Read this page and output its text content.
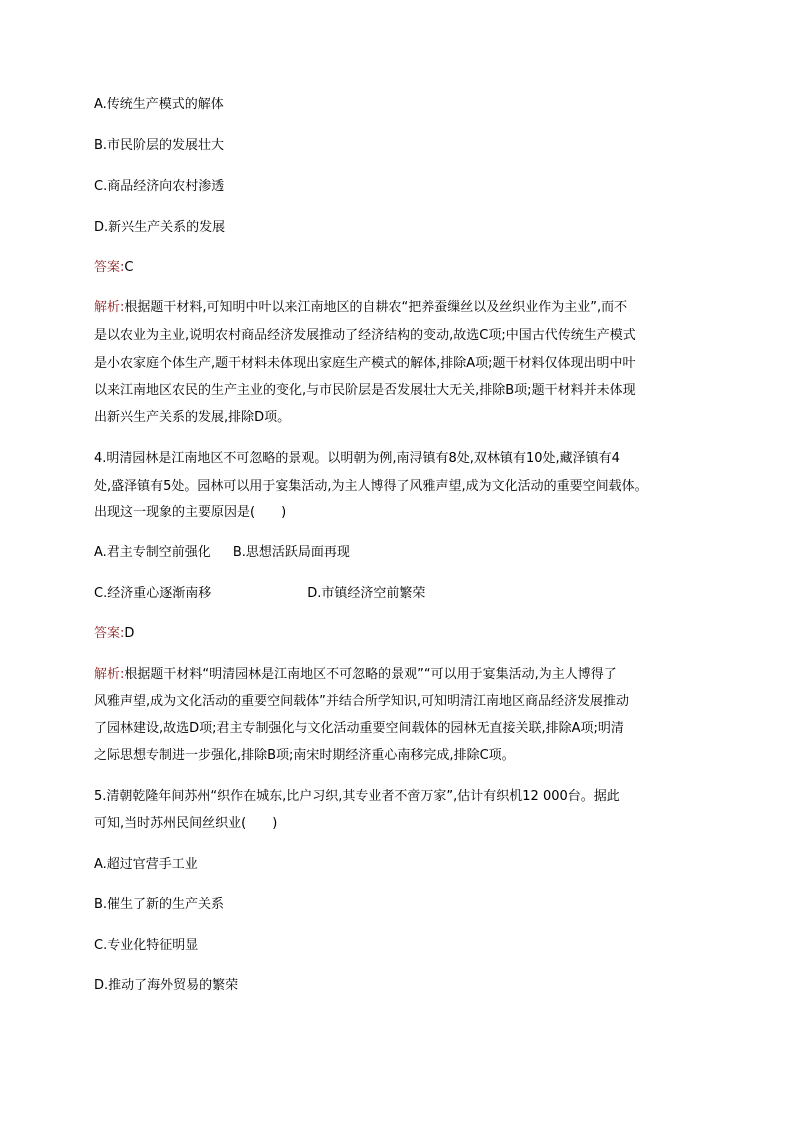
A.传统生产模式的解体
B.市民阶层的发展壮大
C.商品经济向农村渗透
D.新兴生产关系的发展
答案:C
解析:根据题干材料,可知明中叶以来江南地区的自耕农“把养蚕缫丝以及丝织业作为主业”,而不
是以农业为主业,说明农村商品经济发展推动了经济结构的变动,故选C项;中国古代传统生产模式
是小农家庭个体生产,题干材料未体现出家庭生产模式的解体,排除A项;题干材料仅体现出明中叶
以来江南地区农民的生产主业的变化,与市民阶层是否发展壮大无关,排除B项;题干材料并未体现
出新兴生产关系的发展,排除D项。
4.明清园林是江南地区不可忽略的景观。以明朝为例,南浔镇有8处,双林镇有10处,藏泽镇有4
处,盛泽镇有5处。园林可以用于宴集活动,为主人博得了风雅声望,成为文化活动的重要空间载体。
出现这一现象的主要原因是(　　)
A.君主专制空前强化 B.思想活跃局面再现
C.经济重心逐渐南移	D.市镇经济空前繁荣
答案:D
解析:根据题干材料“明清园林是江南地区不可忽略的景观”“可以用于宴集活动,为主人博得了
风雅声望,成为文化活动的重要空间载体”并结合所学知识,可知明清江南地区商品经济发展推动
了园林建设,故选D项;君主专制强化与文化活动重要空间载体的园林无直接关联,排除A项;明清
之际思想专制进一步强化,排除B项;南宋时期经济重心南移完成,排除C项。
5.清朝乾隆年间苏州“织作在城东,比户习织,其专业者不啻万家”,估计有织机12 000台。据此
可知,当时苏州民间丝织业(　　)
A.超过官营手工业
B.催生了新的生产关系
C.专业化特征明显
D.推动了海外贸易的繁荣
